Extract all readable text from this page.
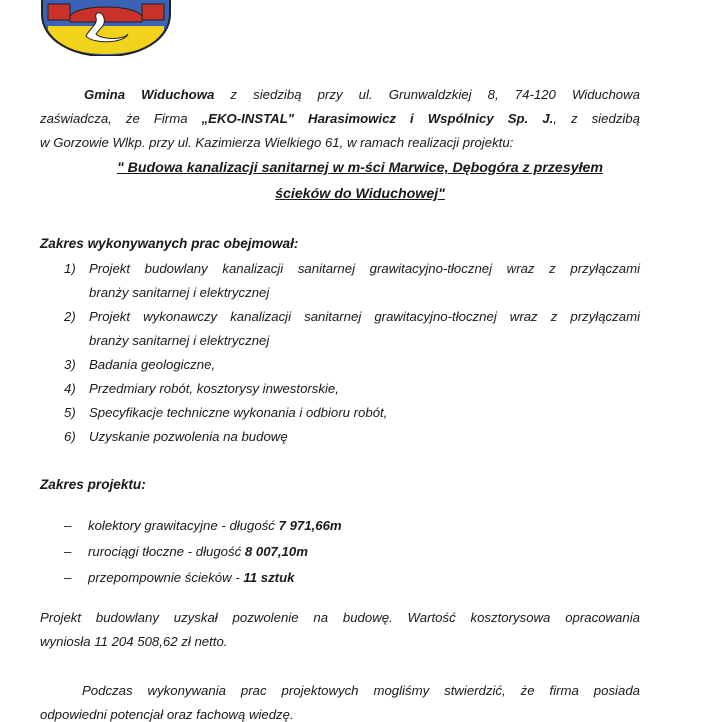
Gmina Widuchowa z siedzibą przy ul. Grunwaldzkiej 8, 74-120 Widuchowa
zaświadcza, że Firma „EKO-INSTAL" Harasimowicz i Wspólnicy Sp. J., z siedzibą
w Gorzowie Wlkp. przy ul. Kazimierza Wielkiego 61, w ramach realizacji projektu:
" Budowa kanalizacji sanitarnej w m-ści Marwice, Dębogóra z przesyłem
ścieków do Widuchowej"
Zakres wykonywanych prac obejmował:
1) Projekt budowlany kanalizacji sanitarnej grawitacyjno-tłocznej wraz z przyłączami
branży sanitarnej i elektrycznej
2) Projekt wykonawczy kanalizacji sanitarnej grawitacyjno-tłocznej wraz z przyłączami
branży sanitarnej i elektrycznej
3) Badania geologiczne,
4) Przedmiary robót, kosztorysy inwestorskie,
5) Specyfikacje techniczne wykonania i odbioru robót,
6) Uzyskanie pozwolenia na budowę
Zakres projektu:
– kolektory grawitacyjne - długość 7 971,66m
– rurociągi tłoczne - długość 8 007,10m
– przepompownie ścieków - 11 sztuk
Projekt budowlany uzyskał pozwolenie na budowę. Wartość kosztorysowa opracowania
wyniosła 11 204 508,62 zł netto.
Podczas wykonywania prac projektowych mogliśmy stwierdzić, że firma posiada
odpowiedni potencjał oraz fachową wiedzę.
